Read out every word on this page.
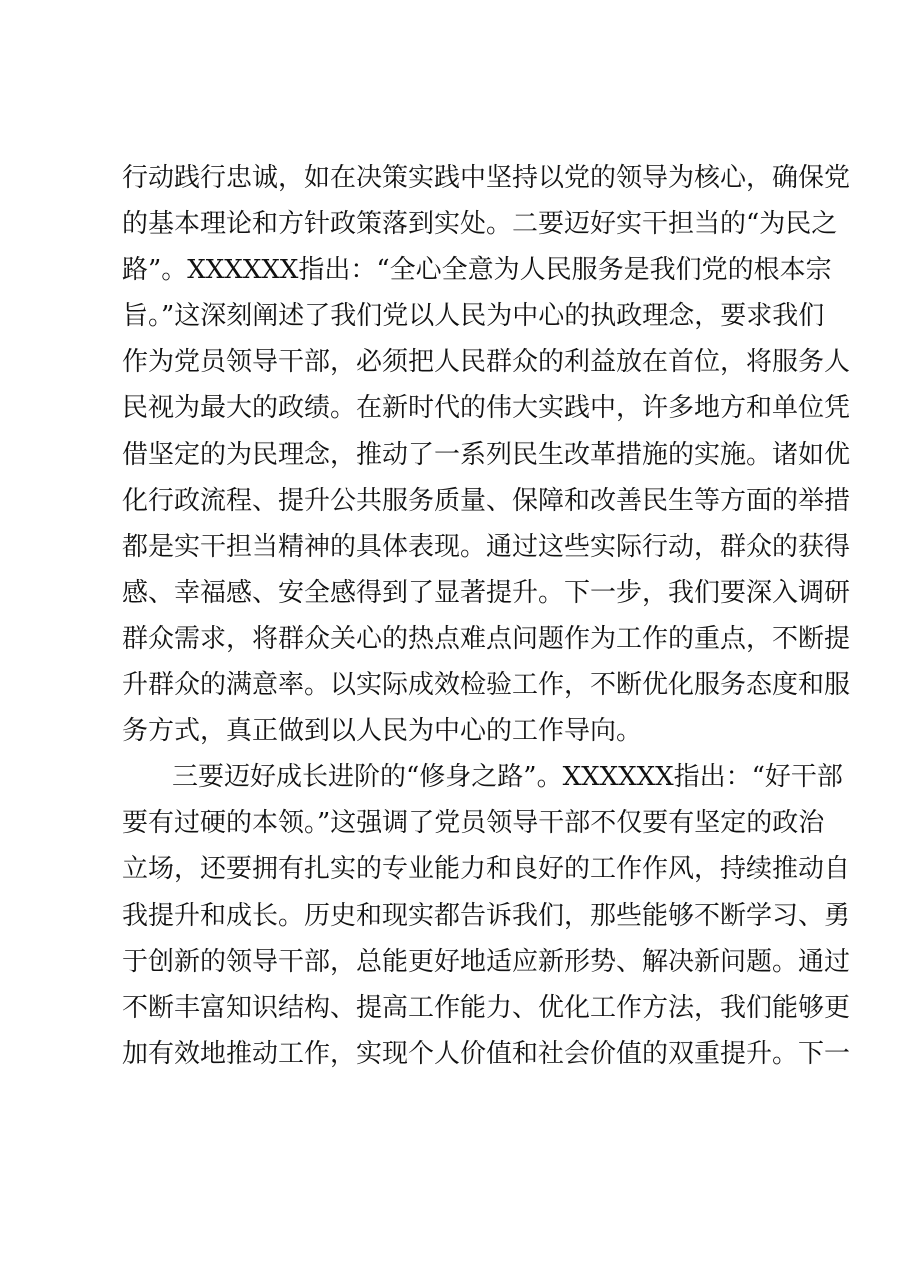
行动践行忠诚，如在决策实践中坚持以党的领导为核心，确保党
的基本理论和方针政策落到实处。二要迈好实干担当的“为民之
路”。XXXXXX指出：“全心全意为人民服务是我们党的根本宗
旨。”这深刻阐述了我们党以人民为中心的执政理念，要求我们
作为党员领导干部，必须把人民群众的利益放在首位，将服务人
民视为最大的政绩。在新时代的伟大实践中，许多地方和单位凭
借坚定的为民理念，推动了一系列民生改革措施的实施。诸如优
化行政流程、提升公共服务质量、保障和改善民生等方面的举措
都是实干担当精神的具体表现。通过这些实际行动，群众的获得
感、幸福感、安全感得到了显著提升。下一步，我们要深入调研
群众需求，将群众关心的热点难点问题作为工作的重点，不断提
升群众的满意率。以实际成效检验工作，不断优化服务态度和服
务方式，真正做到以人民为中心的工作导向。
三要迈好成长进阶的“修身之路”。XXXXXX指出：“好干部
要有过硬的本领。”这强调了党员领导干部不仅要有坚定的政治
立场，还要拥有扎实的专业能力和良好的工作作风，持续推动自
我提升和成长。历史和现实都告诉我们，那些能够不断学习、勇
于创新的领导干部，总能更好地适应新形势、解决新问题。通过
不断丰富知识结构、提高工作能力、优化工作方法，我们能够更
加有效地推动工作，实现个人价值和社会价值的双重提升。下一
